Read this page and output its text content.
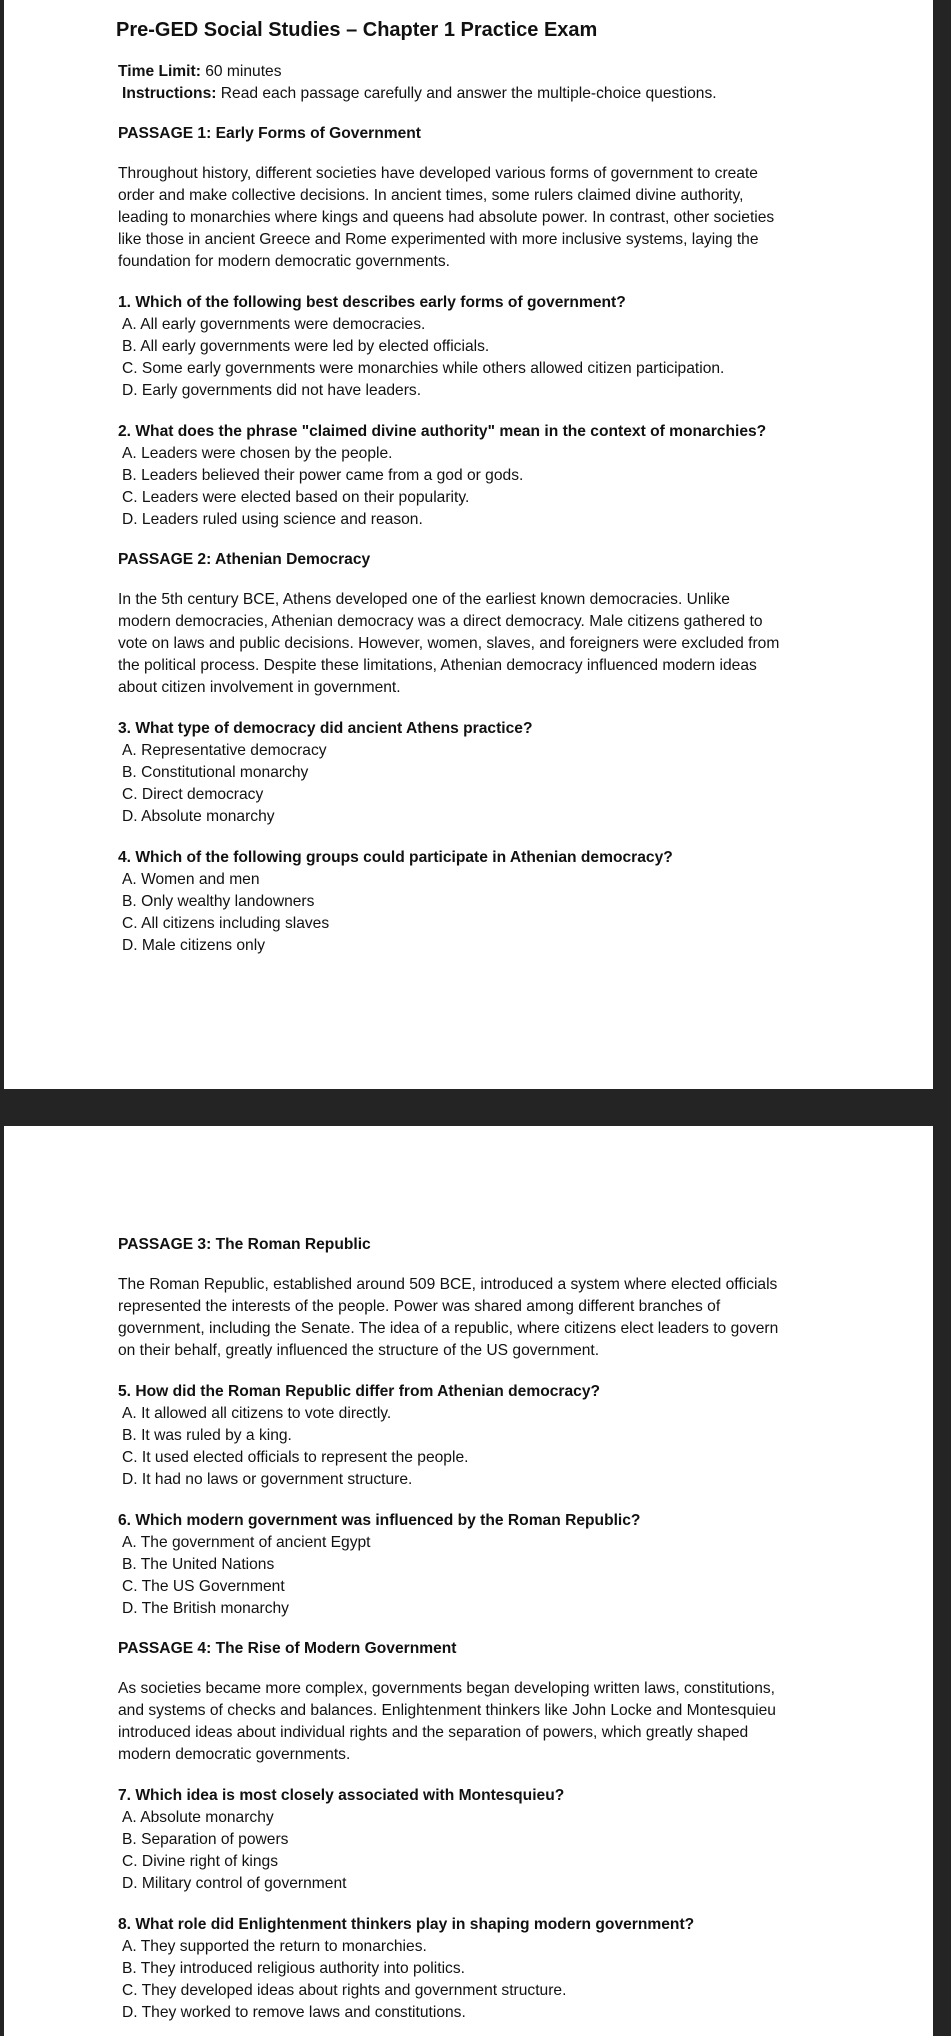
Pre-GED Social Studies – Chapter 1 Practice Exam
Time Limit: 60 minutes
Instructions: Read each passage carefully and answer the multiple-choice questions.
PASSAGE 1: Early Forms of Government
Throughout history, different societies have developed various forms of government to create
order and make collective decisions. In ancient times, some rulers claimed divine authority,
leading to monarchies where kings and queens had absolute power. In contrast, other societies
like those in ancient Greece and Rome experimented with more inclusive systems, laying the
foundation for modern democratic governments.
1. Which of the following best describes early forms of government?
A. All early governments were democracies.
B. All early governments were led by elected officials.
C. Some early governments were monarchies while others allowed citizen participation.
D. Early governments did not have leaders.
2. What does the phrase "claimed divine authority" mean in the context of monarchies?
A. Leaders were chosen by the people.
B. Leaders believed their power came from a god or gods.
C. Leaders were elected based on their popularity.
D. Leaders ruled using science and reason.
PASSAGE 2: Athenian Democracy
In the 5th century BCE, Athens developed one of the earliest known democracies. Unlike
modern democracies, Athenian democracy was a direct democracy. Male citizens gathered to
vote on laws and public decisions. However, women, slaves, and foreigners were excluded from
the political process. Despite these limitations, Athenian democracy influenced modern ideas
about citizen involvement in government.
3. What type of democracy did ancient Athens practice?
A. Representative democracy
B. Constitutional monarchy
C. Direct democracy
D. Absolute monarchy
4. Which of the following groups could participate in Athenian democracy?
A. Women and men
B. Only wealthy landowners
C. All citizens including slaves
D. Male citizens only
PASSAGE 3: The Roman Republic
The Roman Republic, established around 509 BCE, introduced a system where elected officials
represented the interests of the people. Power was shared among different branches of
government, including the Senate. The idea of a republic, where citizens elect leaders to govern
on their behalf, greatly influenced the structure of the US government.
5. How did the Roman Republic differ from Athenian democracy?
A. It allowed all citizens to vote directly.
B. It was ruled by a king.
C. It used elected officials to represent the people.
D. It had no laws or government structure.
6. Which modern government was influenced by the Roman Republic?
A. The government of ancient Egypt
B. The United Nations
C. The US Government
D. The British monarchy
PASSAGE 4: The Rise of Modern Government
As societies became more complex, governments began developing written laws, constitutions,
and systems of checks and balances. Enlightenment thinkers like John Locke and Montesquieu
introduced ideas about individual rights and the separation of powers, which greatly shaped
modern democratic governments.
7. Which idea is most closely associated with Montesquieu?
A. Absolute monarchy
B. Separation of powers
C. Divine right of kings
D. Military control of government
8. What role did Enlightenment thinkers play in shaping modern government?
A. They supported the return to monarchies.
B. They introduced religious authority into politics.
C. They developed ideas about rights and government structure.
D. They worked to remove laws and constitutions.
